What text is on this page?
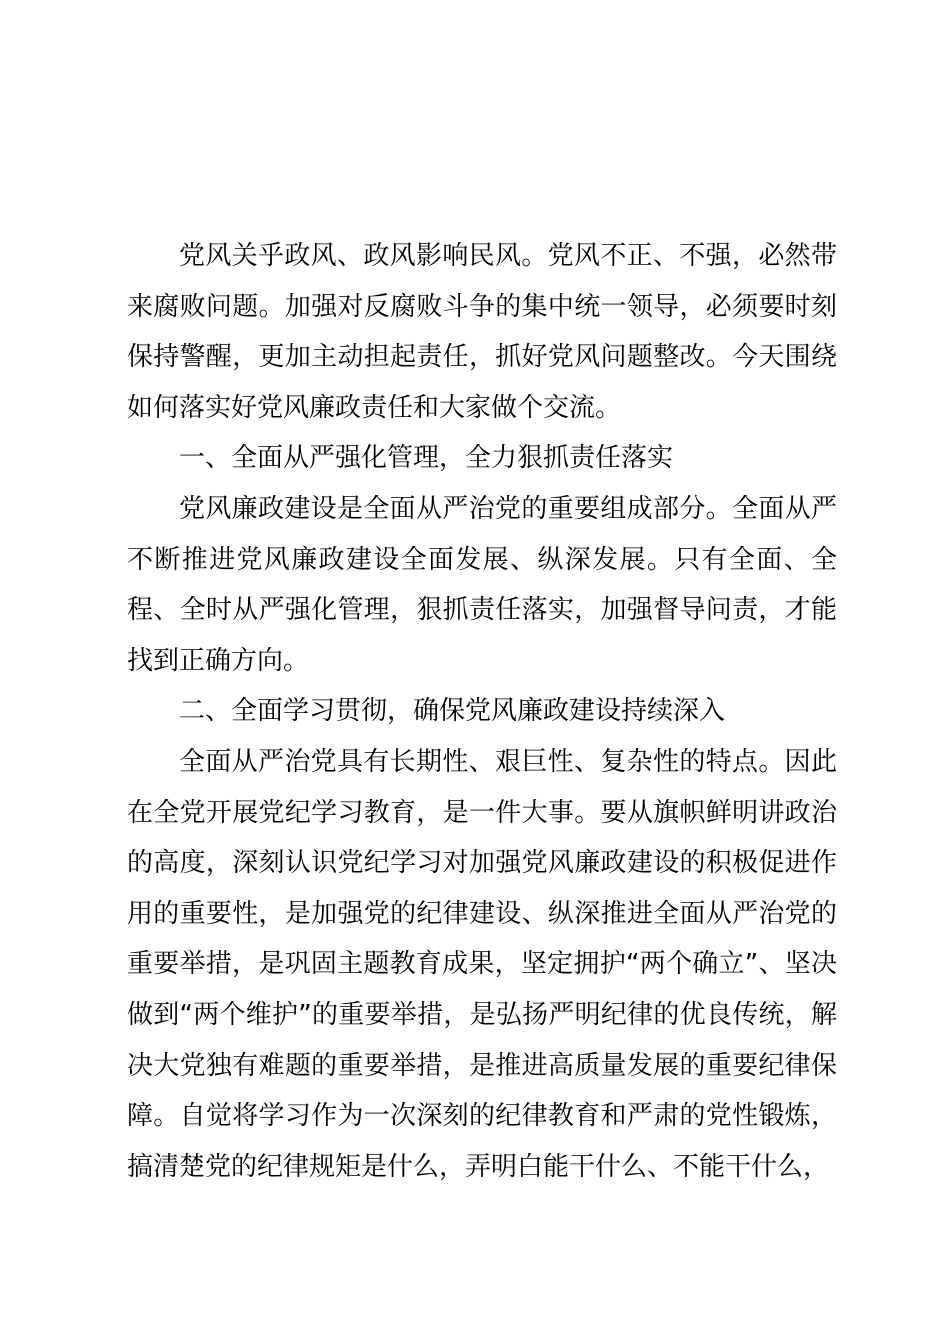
党风关乎政风、政风影响民风。党风不正、不强，必然带来腐败问题。加强对反腐败斗争的集中统一领导，必须要时刻保持警醒，更加主动担起责任，抓好党风问题整改。今天围绕如何落实好党风廉政责任和大家做个交流。

一、全面从严强化管理，全力狠抓责任落实

党风廉政建设是全面从严治党的重要组成部分。全面从严不断推进党风廉政建设全面发展、纵深发展。只有全面、全程、全时从严强化管理，狠抓责任落实，加强督导问责，才能找到正确方向。

二、全面学习贯彻，确保党风廉政建设持续深入

全面从严治党具有长期性、艰巨性、复杂性的特点。因此在全党开展党纪学习教育，是一件大事。要从旗帜鲜明讲政治的高度，深刻认识党纪学习对加强党风廉政建设的积极促进作用的重要性，是加强党的纪律建设、纵深推进全面从严治党的重要举措，是巩固主题教育成果，坚定拥护“两个确立”、坚决做到“两个维护”的重要举措，是弘扬严明纪律的优良传统，解决大党独有难题的重要举措，是推进高质量发展的重要纪律保障。自觉将学习作为一次深刻的纪律教育和严肃的党性锻炼，搞清楚党的纪律规矩是什么，弄明白能干什么、不能干什么，
